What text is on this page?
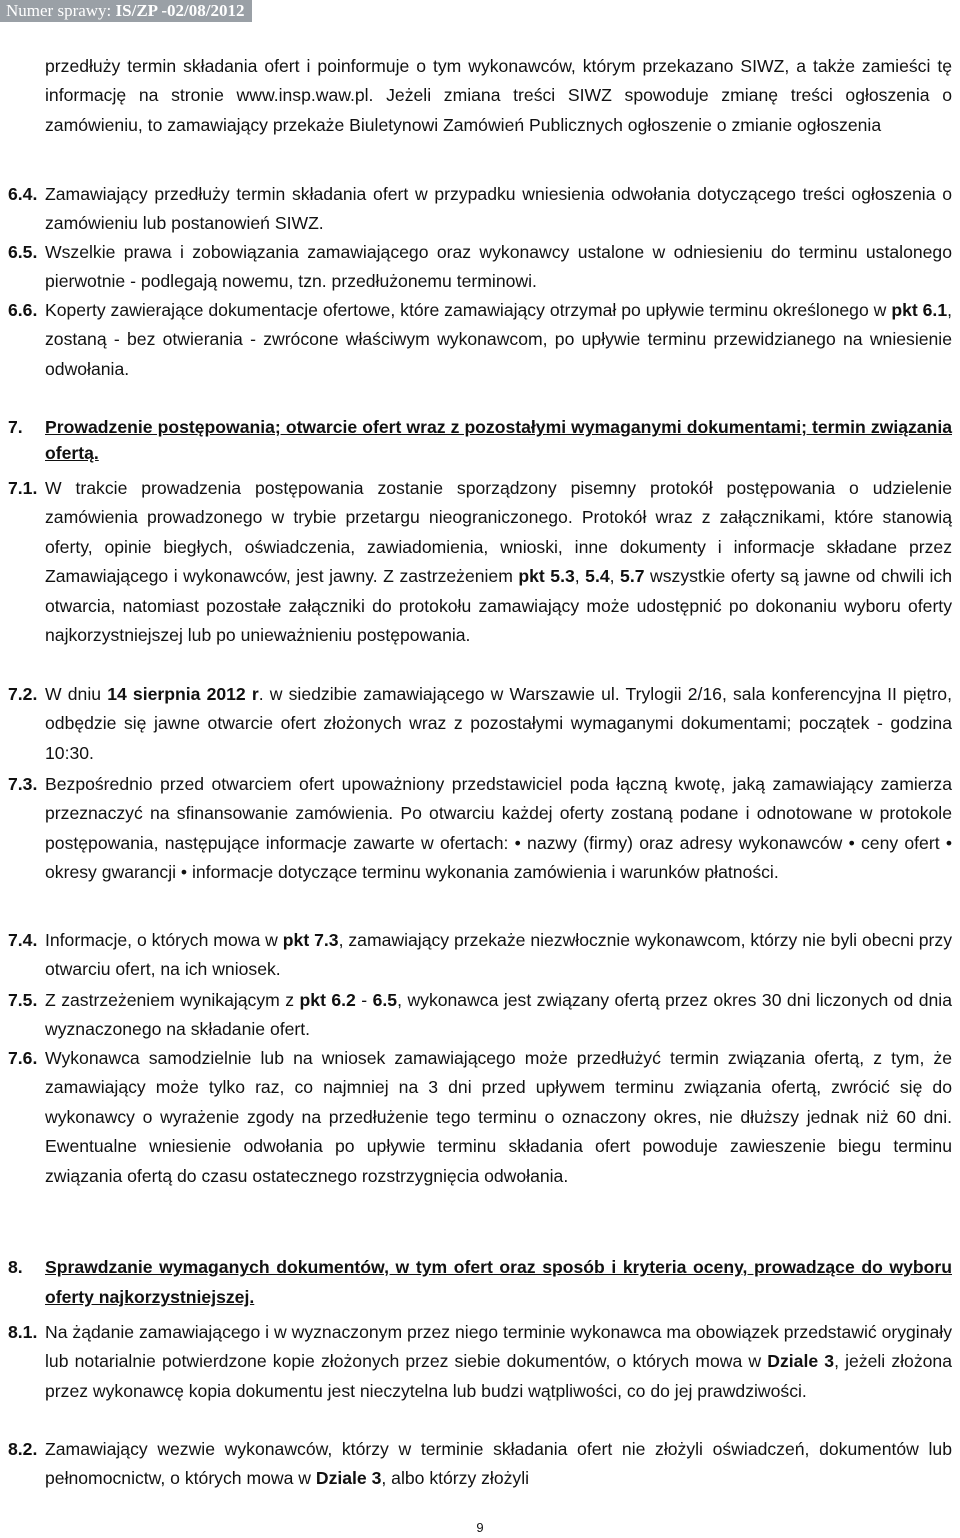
Numer sprawy: IS/ZP -02/08/2012

przedłuży termin składania ofert i poinformuje o tym wykonawców, którym przekazano SIWZ, a także zamieści tę informację na stronie www.insp.waw.pl. Jeżeli zmiana treści SIWZ spowoduje zmianę treści ogłoszenia o zamówieniu, to zamawiający przekaże Biuletynowi Zamówień Publicznych ogłoszenie o zmianie ogłoszenia

6.4. Zamawiający przedłuży termin składania ofert w przypadku wniesienia odwołania dotyczącego treści ogłoszenia o zamówieniu lub postanowień SIWZ.

6.5. Wszelkie prawa i zobowiązania zamawiającego oraz wykonawcy ustalone w odniesieniu do terminu ustalonego pierwotnie - podlegają nowemu, tzn. przedłużonemu terminowi.

6.6. Koperty zawierające dokumentacje ofertowe, które zamawiający otrzymał po upływie terminu określonego w pkt 6.1, zostaną - bez otwierania - zwrócone właściwym wykonawcom, po upływie terminu przewidzianego na wniesienie odwołania.

7.	Prowadzenie postępowania; otwarcie ofert wraz z pozostałymi wymaganymi dokumentami; termin związania ofertą.

7.1. W trakcie prowadzenia postępowania zostanie sporządzony pisemny protokół postępowania o udzielenie zamówienia prowadzonego w trybie przetargu nieograniczonego. Protokół wraz z załącznikami, które stanowią oferty, opinie biegłych, oświadczenia, zawiadomienia, wnioski, inne dokumenty i informacje składane przez Zamawiającego i wykonawców, jest jawny. Z zastrzeżeniem pkt 5.3, 5.4, 5.7 wszystkie oferty są jawne od chwili ich otwarcia, natomiast pozostałe załączniki do protokołu zamawiający może udostępnić po dokonaniu wyboru oferty najkorzystniejszej lub po unieważnieniu postępowania.

7.2. W dniu 14 sierpnia 2012 r. w siedzibie zamawiającego w Warszawie ul. Trylogii 2/16, sala konferencyjna II piętro, odbędzie się jawne otwarcie ofert złożonych wraz z pozostałymi wymaganymi dokumentami; początek - godzina 10:30.

7.3. Bezpośrednio przed otwarciem ofert upoważniony przedstawiciel poda łączną kwotę, jaką zamawiający zamierza przeznaczyć na sfinansowanie zamówienia. Po otwarciu każdej oferty zostaną podane i odnotowane w protokole postępowania, następujące informacje zawarte w ofertach: • nazwy (firmy) oraz adresy wykonawców • ceny ofert • okresy gwarancji • informacje dotyczące terminu wykonania zamówienia i warunków płatności.

7.4. Informacje, o których mowa w pkt 7.3, zamawiający przekaże niezwłocznie wykonawcom, którzy nie byli obecni przy otwarciu ofert, na ich wniosek.

7.5. Z zastrzeżeniem wynikającym z pkt 6.2 - 6.5, wykonawca jest związany ofertą przez okres 30 dni liczonych od dnia wyznaczonego na składanie ofert.

7.6. Wykonawca samodzielnie lub na wniosek zamawiającego może przedłużyć termin związania ofertą, z tym, że zamawiający może tylko raz, co najmniej na 3 dni przed upływem terminu związania ofertą, zwrócić się do wykonawcy o wyrażenie zgody na przedłużenie tego terminu o oznaczony okres, nie dłuższy jednak niż 60 dni. Ewentualne wniesienie odwołania po upływie terminu składania ofert powoduje zawieszenie biegu terminu związania ofertą do czasu ostatecznego rozstrzygnięcia odwołania.

8.	Sprawdzanie wymaganych dokumentów, w tym ofert oraz sposób i kryteria oceny, prowadzące do wyboru oferty najkorzystniejszej.

8.1. Na żądanie zamawiającego i w wyznaczonym przez niego terminie wykonawca ma obowiązek przedstawić oryginały lub notarialnie potwierdzone kopie złożonych przez siebie dokumentów, o których mowa w Dziale 3, jeżeli złożona przez wykonawcę kopia dokumentu jest nieczytelna lub budzi wątpliwości, co do jej prawdziwości.

8.2. Zamawiający wezwie wykonawców, którzy w terminie składania ofert nie złożyli oświadczeń, dokumentów lub pełnomocnictw, o których mowa w Dziale 3, albo którzy złożyli

9
